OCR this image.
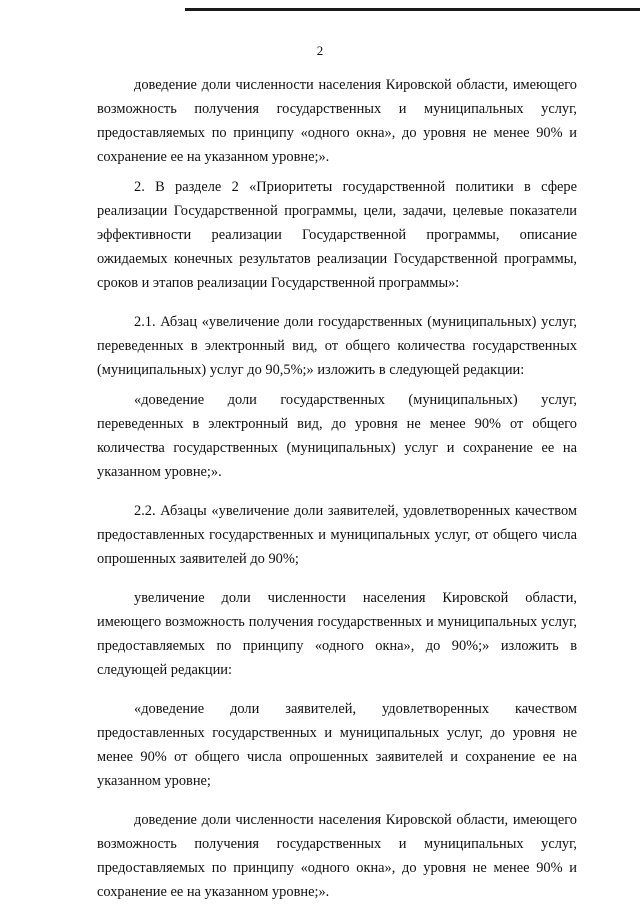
2

доведение доли численности населения Кировской области, имеющего возможность получения государственных и муниципальных услуг, предоставляемых по принципу «одного окна», до уровня не менее 90% и сохранение ее на указанном уровне;».

2. В разделе 2 «Приоритеты государственной политики в сфере реализации Государственной программы, цели, задачи, целевые показатели эффективности реализации Государственной программы, описание ожидаемых конечных результатов реализации Государственной программы, сроков и этапов реализации Государственной программы»:

2.1. Абзац «увеличение доли государственных (муниципальных) услуг, переведенных в электронный вид, от общего количества государственных (муниципальных) услуг до 90,5%;» изложить в следующей редакции:

«доведение доли государственных (муниципальных) услуг, переведенных в электронный вид, до уровня не менее 90% от общего количества государственных (муниципальных) услуг и сохранение ее на указанном уровне;».

2.2. Абзацы «увеличение доли заявителей, удовлетворенных качеством предоставленных государственных и муниципальных услуг, от общего числа опрошенных заявителей до 90%;

увеличение доли численности населения Кировской области, имеющего возможность получения государственных и муниципальных услуг, предоставляемых по принципу «одного окна», до 90%;» изложить в следующей редакции:

«доведение доли заявителей, удовлетворенных качеством предоставленных государственных и муниципальных услуг, до уровня не менее 90% от общего числа опрошенных заявителей и сохранение ее на указанном уровне;

доведение доли численности населения Кировской области, имеющего возможность получения государственных и муниципальных услуг, предоставляемых по принципу «одного окна», до уровня не менее 90% и сохранение ее на указанном уровне;».
